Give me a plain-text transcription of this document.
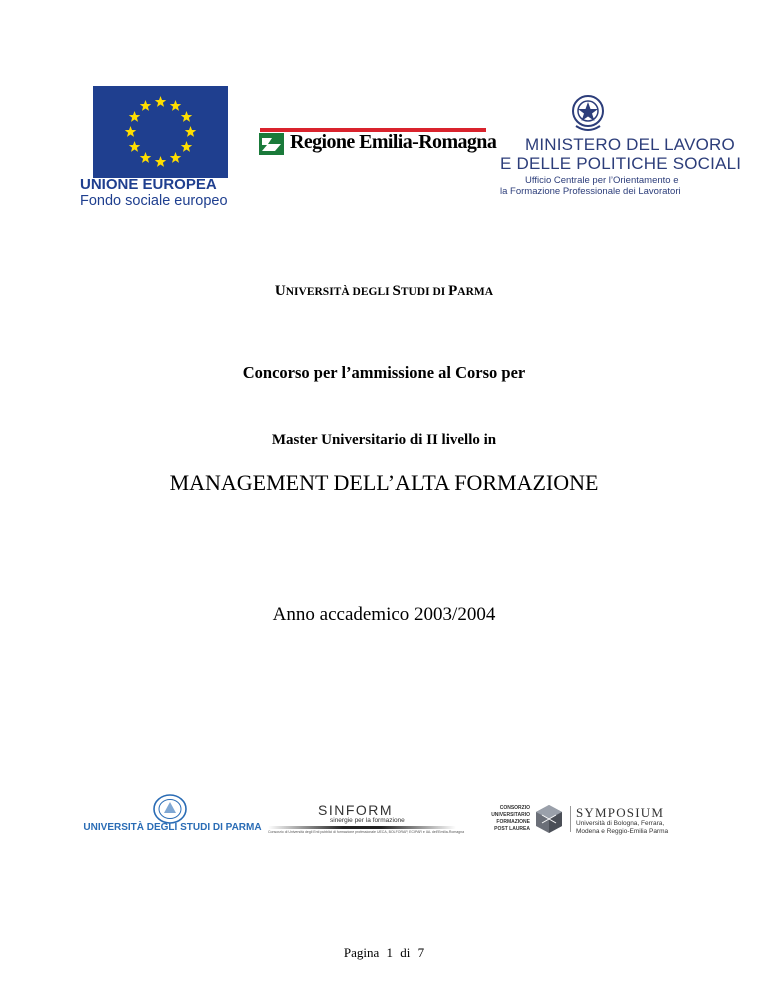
UNIONE EUROPEA
Fondo sociale europeo
Regione Emilia-Romagna MINISTERO DEL LAVORO
E DELLE POLITICHE SOCIALI
Ufficio Centrale per l’Orientamento e
la Formazione Professionale dei Lavoratori
UNIVERSITÀ DEGLI STUDI DI PARMA
Concorso per l’ammissione al Corso per
Master Universitario di II livello in
MANAGEMENT DELL’ALTA FORMAZIONE
Anno accademico 2003/2004
UNIVERSITÀ DEGLI STUDI DI PARMA
SINFORM
sinergie per la formazione
Consorzio di Università degli Enti pubblici di formazione professionale UECA, BOLFORAP, ECIPAR e IAL dell’Emilia-Romagna
CONSORZIO
UNIVERSITARIO
FORMAZIONE
POST LAUREA
SYMPOSIUM
Università di Bologna, Ferrara,
Modena e Reggio-Emilia Parma
Pagina 1 di 7
